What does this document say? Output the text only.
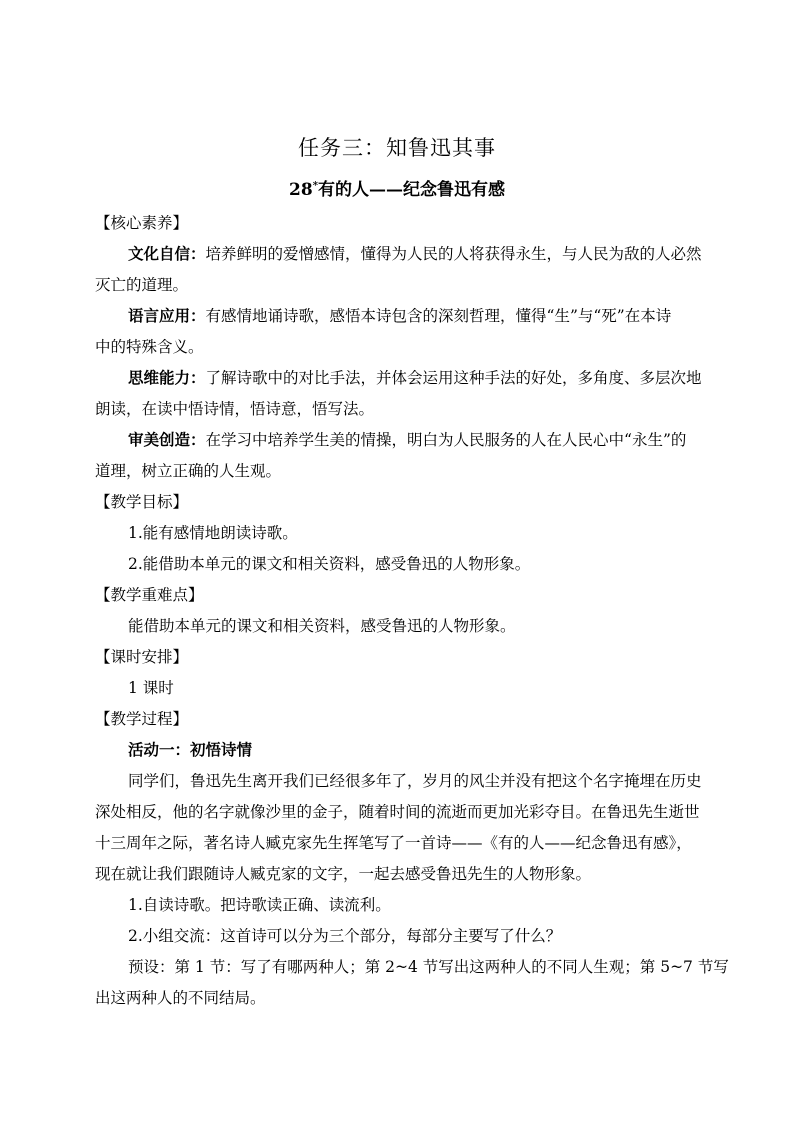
任务三：知鲁迅其事
28*有的人——纪念鲁迅有感
【核心素养】
文化自信：培养鲜明的爱憎感情，懂得为人民的人将获得永生，与人民为敌的人必然
灭亡的道理。
语言应用：有感情地诵诗歌，感悟本诗包含的深刻哲理，懂得“生”与“死”在本诗
中的特殊含义。
思维能力：了解诗歌中的对比手法，并体会运用这种手法的好处，多角度、多层次地
朗读，在读中悟诗情，悟诗意，悟写法。
审美创造：在学习中培养学生美的情操，明白为人民服务的人在人民心中“永生”的
道理，树立正确的人生观。
【教学目标】
1.能有感情地朗读诗歌。
2.能借助本单元的课文和相关资料，感受鲁迅的人物形象。
【教学重难点】
能借助本单元的课文和相关资料，感受鲁迅的人物形象。
【课时安排】
1 课时
【教学过程】
活动一：初悟诗情
同学们，鲁迅先生离开我们已经很多年了，岁月的风尘并没有把这个名字掩埋在历史
深处相反，他的名字就像沙里的金子，随着时间的流逝而更加光彩夺目。在鲁迅先生逝世
十三周年之际，著名诗人臧克家先生挥笔写了一首诗——《有的人——纪念鲁迅有感》，
现在就让我们跟随诗人臧克家的文字，一起去感受鲁迅先生的人物形象。
1.自读诗歌。把诗歌读正确、读流利。
2.小组交流：这首诗可以分为三个部分，每部分主要写了什么？
预设：第 1 节：写了有哪两种人；第 2~4 节写出这两种人的不同人生观；第 5~7 节写
出这两种人的不同结局。
